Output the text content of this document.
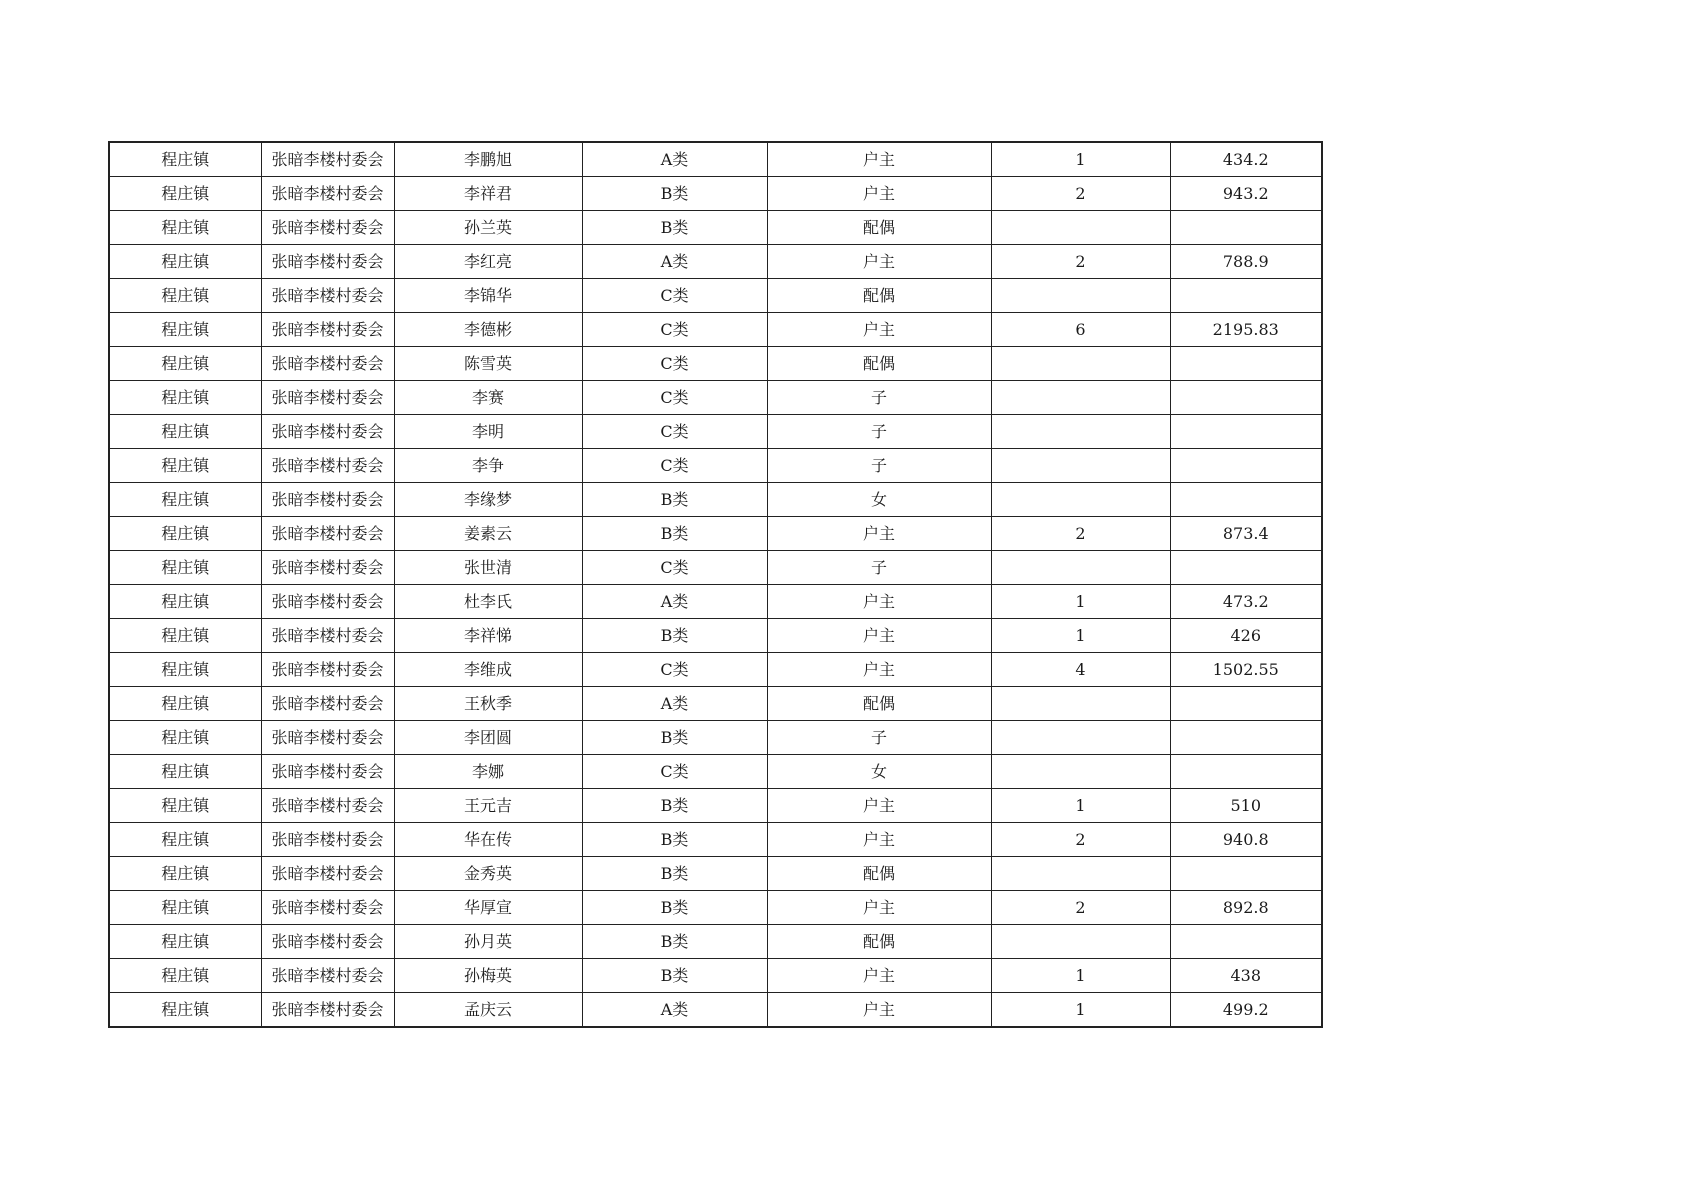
程庄镇	张暗李楼村委会	李鹏旭	A类	户主	1	434.2
程庄镇	张暗李楼村委会	李祥君	B类	户主	2	943.2
程庄镇	张暗李楼村委会	孙兰英	B类	配偶		
程庄镇	张暗李楼村委会	李红亮	A类	户主	2	788.9
程庄镇	张暗李楼村委会	李锦华	C类	配偶		
程庄镇	张暗李楼村委会	李德彬	C类	户主	6	2195.83
程庄镇	张暗李楼村委会	陈雪英	C类	配偶		
程庄镇	张暗李楼村委会	李赛	C类	子		
程庄镇	张暗李楼村委会	李明	C类	子		
程庄镇	张暗李楼村委会	李争	C类	子		
程庄镇	张暗李楼村委会	李缘梦	B类	女		
程庄镇	张暗李楼村委会	姜素云	B类	户主	2	873.4
程庄镇	张暗李楼村委会	张世清	C类	子		
程庄镇	张暗李楼村委会	杜李氏	A类	户主	1	473.2
程庄镇	张暗李楼村委会	李祥悌	B类	户主	1	426
程庄镇	张暗李楼村委会	李维成	C类	户主	4	1502.55
程庄镇	张暗李楼村委会	王秋季	A类	配偶		
程庄镇	张暗李楼村委会	李团圆	B类	子		
程庄镇	张暗李楼村委会	李娜	C类	女		
程庄镇	张暗李楼村委会	王元吉	B类	户主	1	510
程庄镇	张暗李楼村委会	华在传	B类	户主	2	940.8
程庄镇	张暗李楼村委会	金秀英	B类	配偶		
程庄镇	张暗李楼村委会	华厚宣	B类	户主	2	892.8
程庄镇	张暗李楼村委会	孙月英	B类	配偶		
程庄镇	张暗李楼村委会	孙梅英	B类	户主	1	438
程庄镇	张暗李楼村委会	孟庆云	A类	户主	1	499.2
